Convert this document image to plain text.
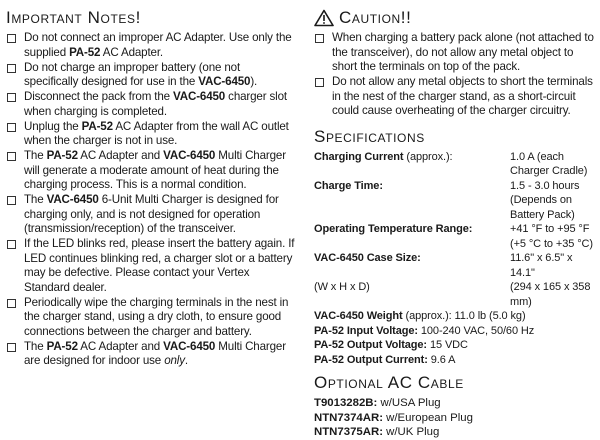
Important Notes!
Do not connect an improper AC Adapter. Use only the supplied PA-52 AC Adapter.
Do not charge an improper battery (one not specifically designed for use in the VAC-6450).
Disconnect the pack from the VAC-6450 charger slot when charging is completed.
Unplug the PA-52 AC Adapter from the wall AC outlet when the charger is not in use.
The PA-52 AC Adapter and VAC-6450 Multi Charger will generate a moderate amount of heat during the charging process. This is a normal condition.
The VAC-6450 6-Unit Multi Charger is designed for charging only, and is not designed for operation (transmission/reception) of the transceiver.
If the LED blinks red, please insert the battery again. If LED continues blinking red, a charger slot or a battery may be defective. Please contact your Vertex Standard dealer.
Periodically wipe the charging terminals in the nest in the charger stand, using a dry cloth, to ensure good connections between the charger and battery.
The PA-52 AC Adapter and VAC-6450 Multi Charger are designed for indoor use only.
Caution!!
When charging a battery pack alone (not attached to the transceiver), do not allow any metal object to short the terminals on top of the pack.
Do not allow any metal objects to short the terminals in the nest of the charger stand, as a short-circuit could cause overheating of the charger circuitry.
Specifications
Charging Current (approx.):	1.0 A (each Charger Cradle)
Charge Time:	1.5 - 3.0 hours
(Depends on Battery Pack)
Operating Temperature Range:	+41 °F to +95 °F
(+5 °C to +35 °C)
VAC-6450 Case Size:	11.6" x 6.5" x 14.1"
(W x H x D)	(294 x 165 x 358 mm)
VAC-6450 Weight (approx.): 11.0 lb (5.0 kg)
PA-52 Input Voltage: 100-240 VAC, 50/60 Hz
PA-52 Output Voltage: 15 VDC
PA-52 Output Current: 9.6 A
Optional AC Cable
T9013282B: w/USA Plug
NTN7374AR: w/European Plug
NTN7375AR: w/UK Plug
